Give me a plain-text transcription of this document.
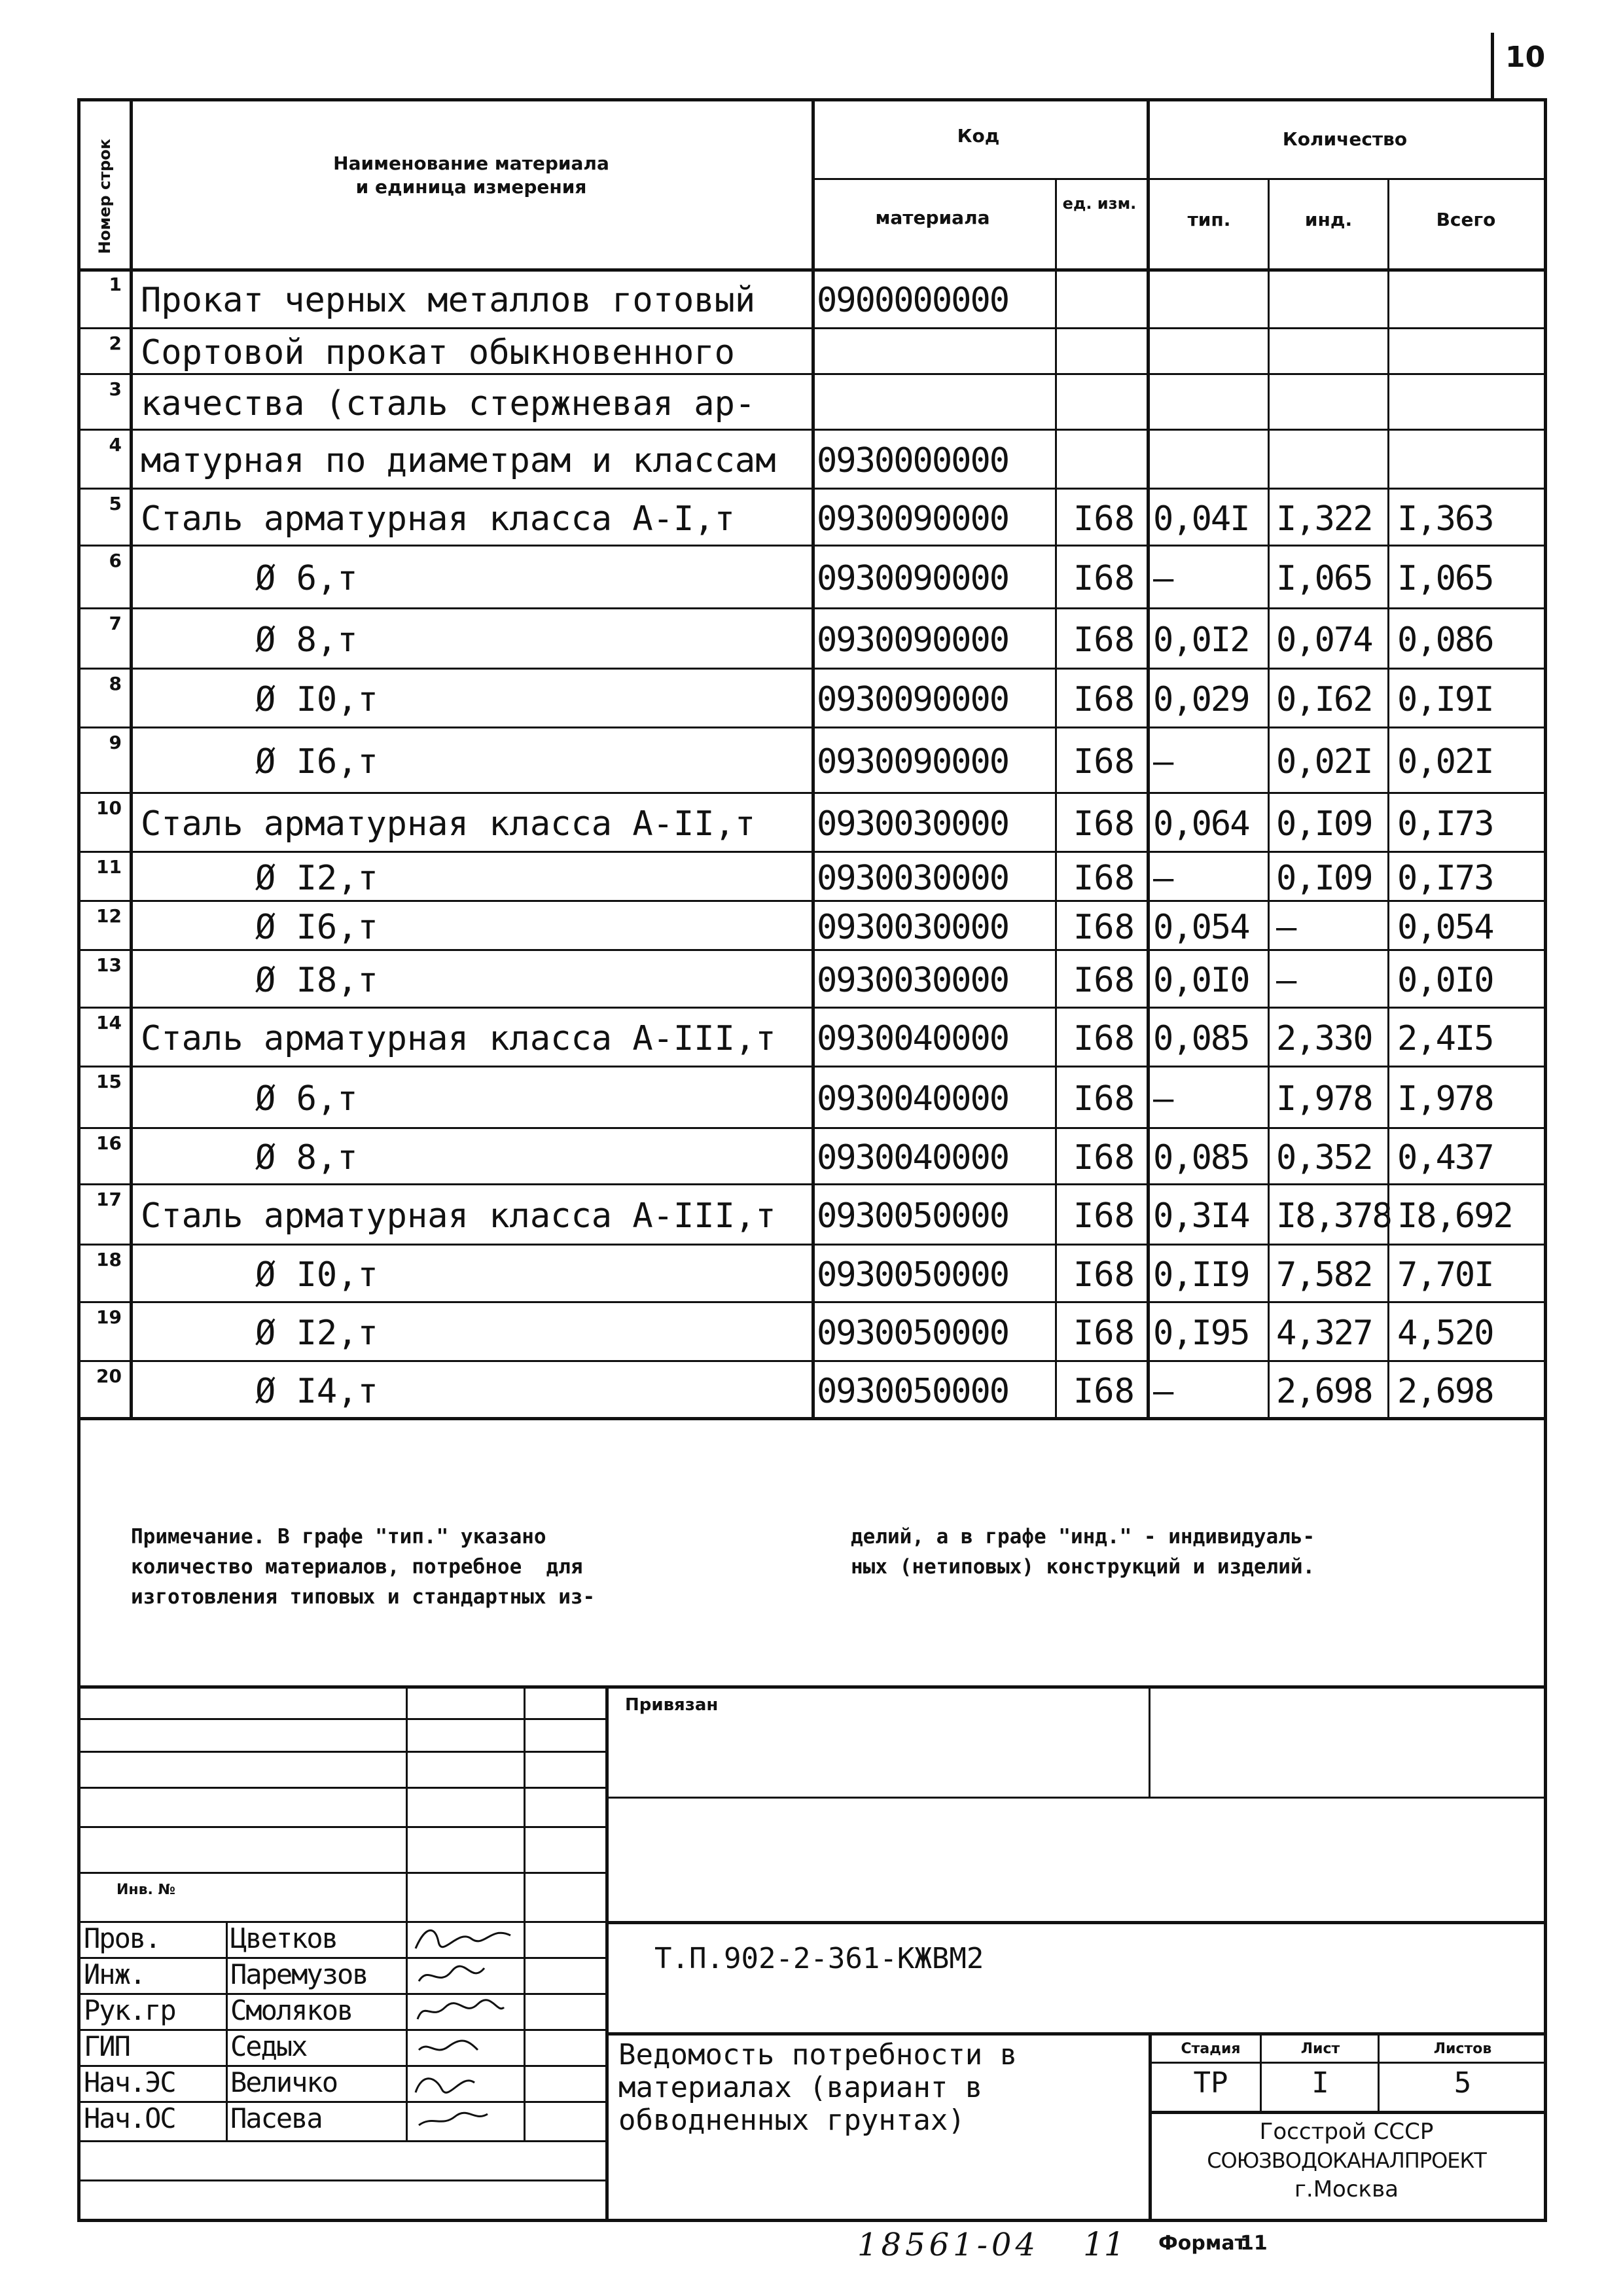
10
Номер строк	Наименование материала
и единица измерения
Код
материала
ед. изм.
Количество
тип.	инд.	Всего
1 Прокат черных металлов готовый 0900000000
2 Сортовой прокат обыкновенного
3 качества (сталь стержневая ар-
4 матурная по диаметрам и классам 0930000000
5 Сталь арматурная класса А-I,т 0930090000 I68 0,04I I,322 I,363
6	Ø 6,т	0930090000 I68 –	I,065 I,065
7	Ø 8,т	0930090000 I68 0,0I2 0,074 0,086
8	Ø I0,т	0930090000 I68 0,029 0,I62 0,I9I
9	Ø I6,т	0930090000 I68 –	0,02I 0,02I
10 Сталь арматурная класса А-II,т 0930030000 I68 0,064 0,I09 0,I73
11	Ø I2,т	0930030000 I68 –	0,I09 0,I73
12	Ø I6,т	0930030000 I68 0,054 –	0,054
13	Ø I8,т	0930030000 I68 0,0I0 –	0,0I0
14 Сталь арматурная класса А-III,т 0930040000 I68 0,085 2,330 2,4I5
15	Ø 6,т	0930040000 I68 –	I,978 I,978
16	Ø 8,т	0930040000 I68 0,085 0,352 0,437
17 Сталь арматурная класса А-III,т 0930050000 I68 0,3I4 I8,378 I8,692
18	Ø I0,т	0930050000 I68 0,II9 7,582 7,70I
19	Ø I2,т	0930050000 I68 0,I95 4,327 4,520
20	Ø I4,т	0930050000 I68 –	2,698 2,698
Примечание. В графе "тип." указано
количество материалов, потребное  для
изготовления типовых и стандартных из-
делий, а в графе "инд." - индивидуаль-
ных (нетиповых) конструкций и изделий.
Привязан
Инв. №
Пров.	Цветков
Инж.	Паремузов
Рук.гр Смоляков
ГИП	Седых
Нач.ЭС Величко
Нач.ОС Пасева
Т.П.902-2-361-КЖВМ2
Ведомость потребности в
материалах (вариант в
обводненных грунтах)
Стадия	Лист	Листов
ТР	I	5
Госстрой СССР
СОЮЗВОДОКАНАЛПРОЕКТ
г.Москва
18561-04 11 Формат
11
